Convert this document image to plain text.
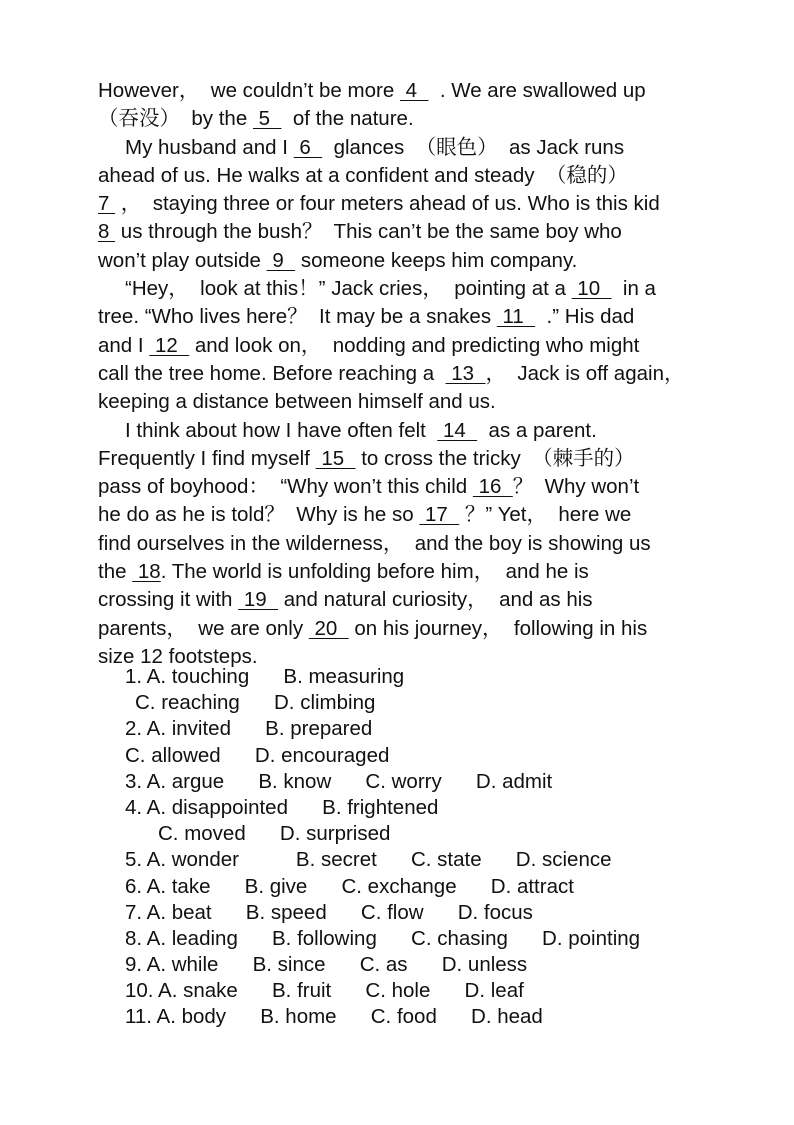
However，  we couldn’t be more  4    . We are swallowed up
（吞没）  by the  5    of the nature.
My husband and I  6    glances  （眼色）  as Jack runs
ahead of us. He walks at a confident and steady  （稳的）
7  ，  staying three or four meters ahead of us. Who is this kid
8  us through the bush？  This can’t be the same boy who
won’t play outside  9   someone keeps him company.
“Hey，  look at this！” Jack cries，  pointing at a  10    in a
tree. “Who lives here？  It may be a snakes  11    .” His dad
and I  12   and look on，  nodding and predicting who might
call the tree home. Before reaching a   13  ，  Jack is off again，
keeping a distance between himself and us.
I think about how I have often felt   14    as a parent.
Frequently I find myself  15   to cross the tricky  （棘手的）
pass of boyhood：  “Why won’t this child  16  ？  Why won’t
he do as he is told？  Why is he so  17   ？” Yet，  here we
find ourselves in the wilderness，  and the boy is showing us
the  18. The world is unfolding before him，  and he is
crossing it with  19   and natural curiosity，  and as his
parents，  we are only  20   on his journey，  following in his
size 12 footsteps.
1. A. touching      B. measuring
C. reaching      D. climbing
2. A. invited      B. prepared
C. allowed      D. encouraged
3. A. argue      B. know      C. worry      D. admit
4. A. disappointed      B. frightened
C. moved      D. surprised
5. A. wonder          B. secret      C. state      D. science
6. A. take      B. give      C. exchange      D. attract
7. A. beat      B. speed      C. flow      D. focus
8. A. leading      B. following      C. chasing      D. pointing
9. A. while      B. since      C. as      D. unless
10. A. snake      B. fruit      C. hole      D. leaf
11. A. body      B. home      C. food      D. head
